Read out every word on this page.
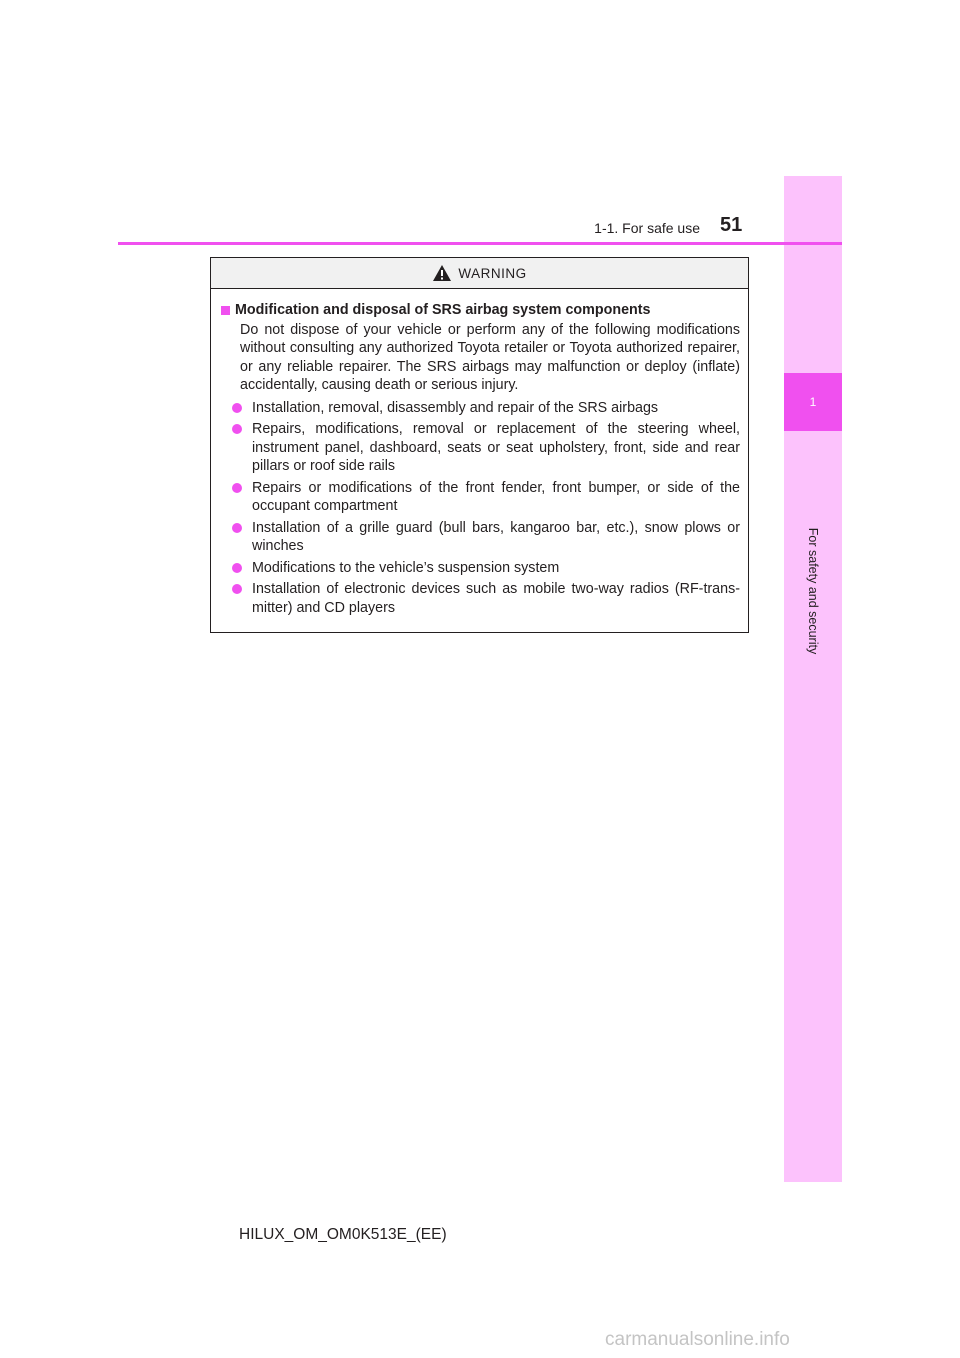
1
For safety and security
1-1. For safe use 51
WARNING
Modification and disposal of SRS airbag system components
Do not dispose of your vehicle or perform any of the following modifications without consulting any authorized Toyota retailer or Toyota authorized repairer, or any reliable repairer. The SRS airbags may malfunction or deploy (inflate) accidentally, causing death or serious injury.
Installation, removal, disassembly and repair of the SRS airbags
Repairs, modifications, removal or replacement of the steering wheel, instrument panel, dashboard, seats or seat upholstery, front, side and rear pillars or roof side rails
Repairs or modifications of the front fender, front bumper, or side of the occupant compartment
Installation of a grille guard (bull bars, kangaroo bar, etc.), snow plows or winches
Modifications to the vehicle’s suspension system
Installation of electronic devices such as mobile two-way radios (RF-trans-mitter) and CD players
HILUX_OM_OM0K513E_(EE)
carmanualsonline.info
